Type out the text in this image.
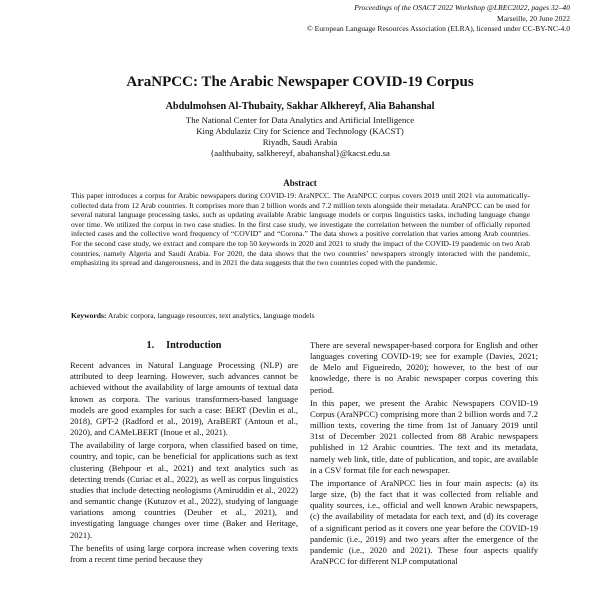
Proceedings of the OSACT 2022 Workshop @LREC2022, pages 32–40
Marseille, 20 June 2022
© European Language Resources Association (ELRA), licensed under CC-BY-NC-4.0
AraNPCC: The Arabic Newspaper COVID-19 Corpus
Abdulmohsen Al-Thubaity, Sakhar Alkhereyf, Alia Bahanshal
The National Center for Data Analytics and Artificial Intelligence
King Abdulaziz City for Science and Technology (KACST)
Riyadh, Saudi Arabia
{aalthubaity, salkhereyf, abahanshal}@kacst.edu.sa
Abstract
This paper introduces a corpus for Arabic newspapers during COVID-19: AraNPCC. The AraNPCC corpus covers 2019 until 2021 via automatically-collected data from 12 Arab countries. It comprises more than 2 billion words and 7.2 million texts alongside their metadata. AraNPCC can be used for several natural language processing tasks, such as updating available Arabic language models or corpus linguistics tasks, including language change over time. We utilized the corpus in two case studies. In the first case study, we investigate the correlation between the number of officially reported infected cases and the collective word frequency of “COVID” and “Corona.” The data shows a positive correlation that varies among Arab countries. For the second case study, we extract and compare the top 50 keywords in 2020 and 2021 to study the impact of the COVID-19 pandemic on two Arab countries, namely Algeria and Saudi Arabia. For 2020, the data shows that the two countries’ newspapers strongly interacted with the pandemic, emphasizing its spread and dangerousness, and in 2021 the data suggests that the two countries coped with the pandemic.
Keywords: Arabic corpora, language resources, text analytics, language models
1. Introduction

Recent advances in Natural Language Processing (NLP) are attributed to deep learning. However, such advances cannot be achieved without the availability of large amounts of textual data known as corpora. The various transformers-based language models are good examples for such a case: BERT (Devlin et al., 2018), GPT-2 (Radford et al., 2019), AraBERT (Antoun et al., 2020), and CAMeLBERT (Inoue et al., 2021).

The availability of large corpora, when classified based on time, country, and topic, can be beneficial for applications such as text clustering (Behpour et al., 2021) and text analytics such as detecting trends (Curiac et al., 2022), as well as corpus linguistics studies that include detecting neologisms (Amiruddin et al., 2022) and semantic change (Kutuzov et al., 2022), studying of language variations among countries (Deuber et al., 2021), and investigating language changes over time (Baker and Heritage, 2021).

The benefits of using large corpora increase when covering texts from a recent time period because they

There are several newspaper-based corpora for English and other languages covering COVID-19; see for example (Davies, 2021; de Melo and Figueiredo, 2020); however, to the best of our knowledge, there is no Arabic newspaper corpus covering this period.

In this paper, we present the Arabic Newspapers COVID-19 Corpus (AraNPCC) comprising more than 2 billion words and 7.2 million texts, covering the time from 1st of January 2019 until 31st of December 2021 collected from 88 Arabic newspapers published in 12 Arabic countries. The text and its metadata, namely web link, title, date of publication, and topic, are available in a CSV format file for each newspaper.

The importance of AraNPCC lies in four main aspects: (a) its large size, (b) the fact that it was collected from reliable and quality sources, i.e., official and well known Arabic newspapers, (c) the availability of metadata for each text, and (d) its coverage of a significant period as it covers one year before the COVID-19 pandemic (i.e., 2019) and two years after the emergence of the pandemic (i.e., 2020 and 2021). These four aspects qualify AraNPCC for different NLP computational
